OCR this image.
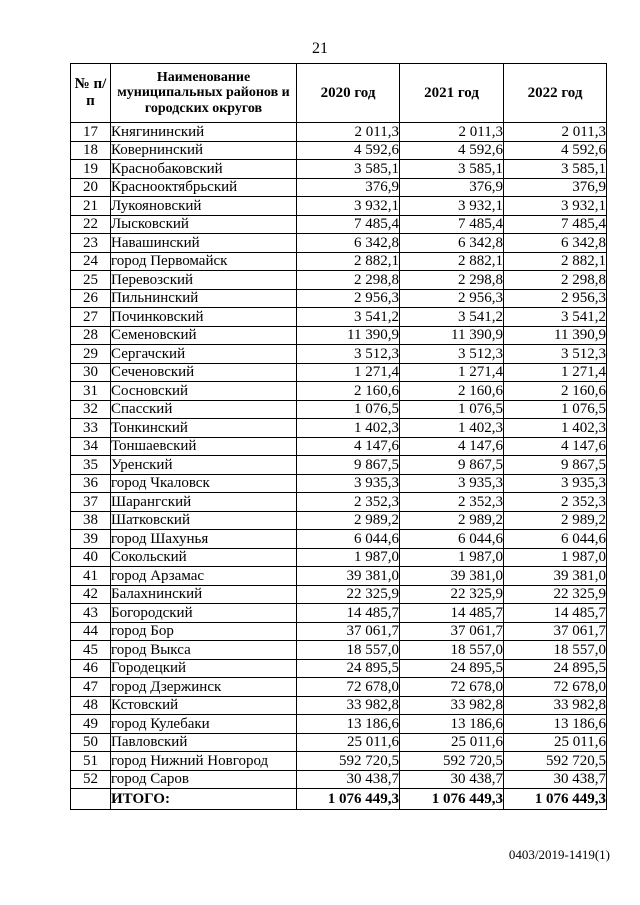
21
№ п/п	Наименование муниципальных районов и городских округов	2020 год	2021 год	2022 год
17	Княгининский	2 011,3	2 011,3	2 011,3
18	Ковернинский	4 592,6	4 592,6	4 592,6
19	Краснобаковский	3 585,1	3 585,1	3 585,1
20	Краснооктябрьский	376,9	376,9	376,9
21	Лукояновский	3 932,1	3 932,1	3 932,1
22	Лысковский	7 485,4	7 485,4	7 485,4
23	Навашинский	6 342,8	6 342,8	6 342,8
24	город Первомайск	2 882,1	2 882,1	2 882,1
25	Перевозский	2 298,8	2 298,8	2 298,8
26	Пильнинский	2 956,3	2 956,3	2 956,3
27	Починковский	3 541,2	3 541,2	3 541,2
28	Семеновский	11 390,9	11 390,9	11 390,9
29	Сергачский	3 512,3	3 512,3	3 512,3
30	Сеченовский	1 271,4	1 271,4	1 271,4
31	Сосновский	2 160,6	2 160,6	2 160,6
32	Спасский	1 076,5	1 076,5	1 076,5
33	Тонкинский	1 402,3	1 402,3	1 402,3
34	Тоншаевский	4 147,6	4 147,6	4 147,6
35	Уренский	9 867,5	9 867,5	9 867,5
36	город Чкаловск	3 935,3	3 935,3	3 935,3
37	Шарангский	2 352,3	2 352,3	2 352,3
38	Шатковский	2 989,2	2 989,2	2 989,2
39	город Шахунья	6 044,6	6 044,6	6 044,6
40	Сокольский	1 987,0	1 987,0	1 987,0
41	город Арзамас	39 381,0	39 381,0	39 381,0
42	Балахнинский	22 325,9	22 325,9	22 325,9
43	Богородский	14 485,7	14 485,7	14 485,7
44	город Бор	37 061,7	37 061,7	37 061,7
45	город Выкса	18 557,0	18 557,0	18 557,0
46	Городецкий	24 895,5	24 895,5	24 895,5
47	город Дзержинск	72 678,0	72 678,0	72 678,0
48	Кстовский	33 982,8	33 982,8	33 982,8
49	город Кулебаки	13 186,6	13 186,6	13 186,6
50	Павловский	25 011,6	25 011,6	25 011,6
51	город Нижний Новгород	592 720,5	592 720,5	592 720,5
52	город Саров	30 438,7	30 438,7	30 438,7
	ИТОГО:	1 076 449,3	1 076 449,3	1 076 449,3
0403/2019-1419(1)
